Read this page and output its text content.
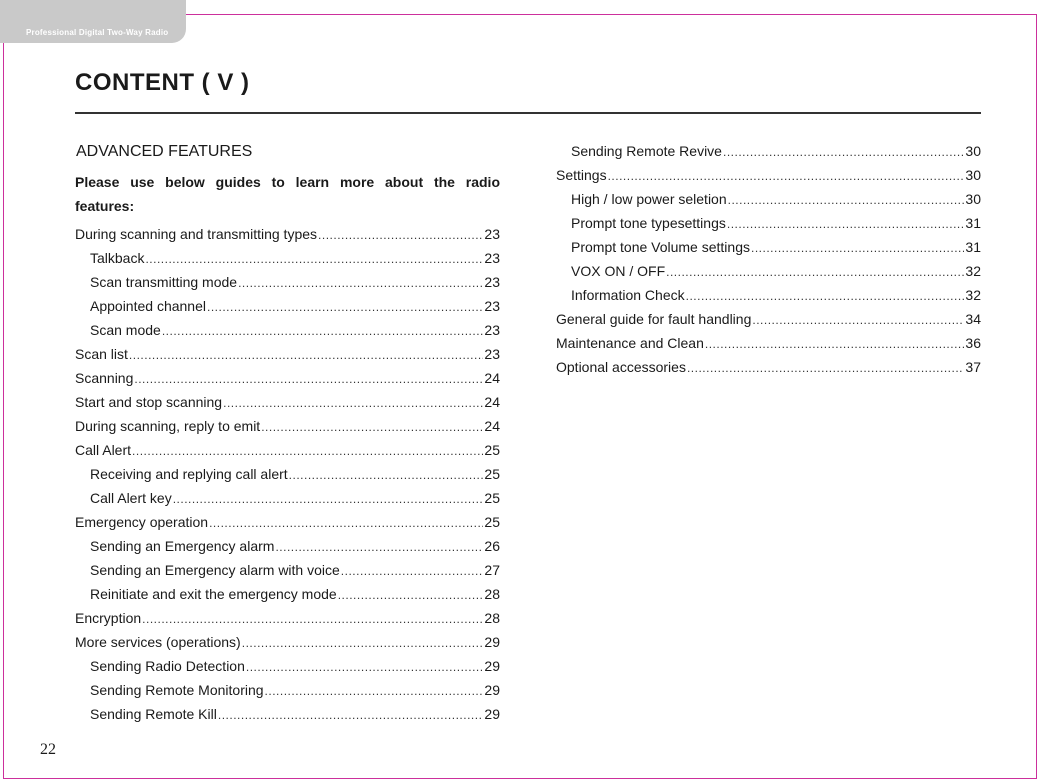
Professional Digital Two-Way Radio
CONTENT ( V )
ADVANCED FEATURES

Please use below guides to learn more about the radio features:

During scanning and transmitting types .....	23
Talkback .....	23
Scan transmitting mode .....	23
Appointed channel .....	23
Scan mode .....	23
Scan list .....	23
Scanning .....	24
Start and stop scanning .....	24
During scanning, reply to emit .....	24
Call Alert .....	25
Receiving and replying call alert .....	25
Call Alert key .....	25
Emergency operation .....	25
Sending an Emergency alarm .....	26
Sending an Emergency alarm with voice .....	27
Reinitiate and exit the emergency mode .....	28
Encryption .....	28
More services (operations) .....	29
Sending Radio Detection .....	29
Sending Remote Monitoring .....	29
Sending Remote Kill .....	29
Sending Remote Revive .....	30
Settings .....	30
High / low power seletion .....	30
Prompt tone typesettings .....	31
Prompt tone Volume settings .....	31
VOX ON / OFF .....	32
Information Check .....	32
General guide for fault handling .....	34
Maintenance and Clean .....	36
Optional accessories .....	37
22
